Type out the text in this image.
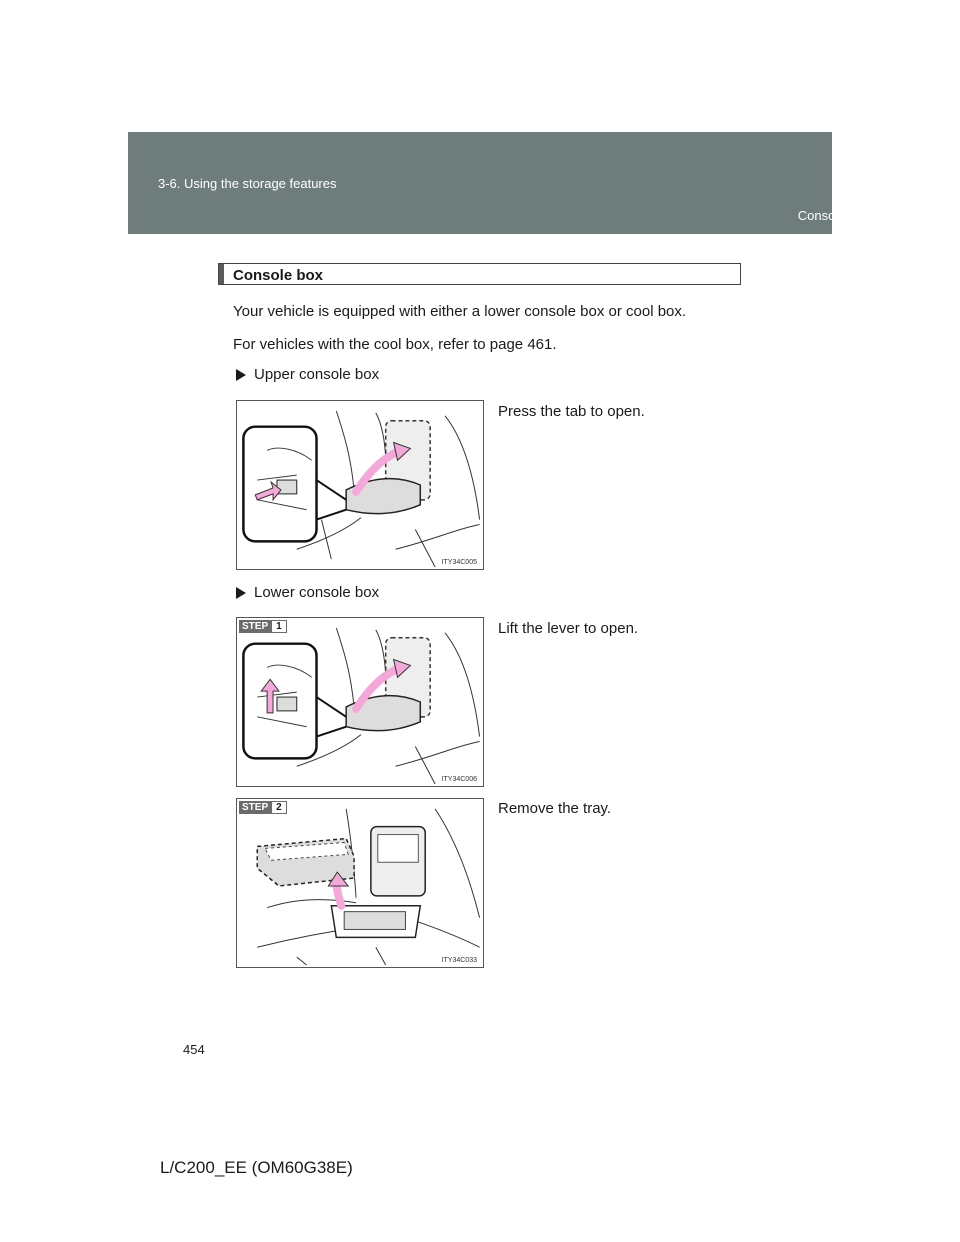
3-6. Using the storage features
Console box
Console box
Your vehicle is equipped with either a lower console box or cool box.
For vehicles with the cool box, refer to page 461.
Upper console box
ITY34C005
Press the tab to open.
Lower console box
STEP 1
ITY34C006
Lift the lever to open.
STEP 2
ITY34C033
Remove the tray.
454
L/C200_EE (OM60G38E)
